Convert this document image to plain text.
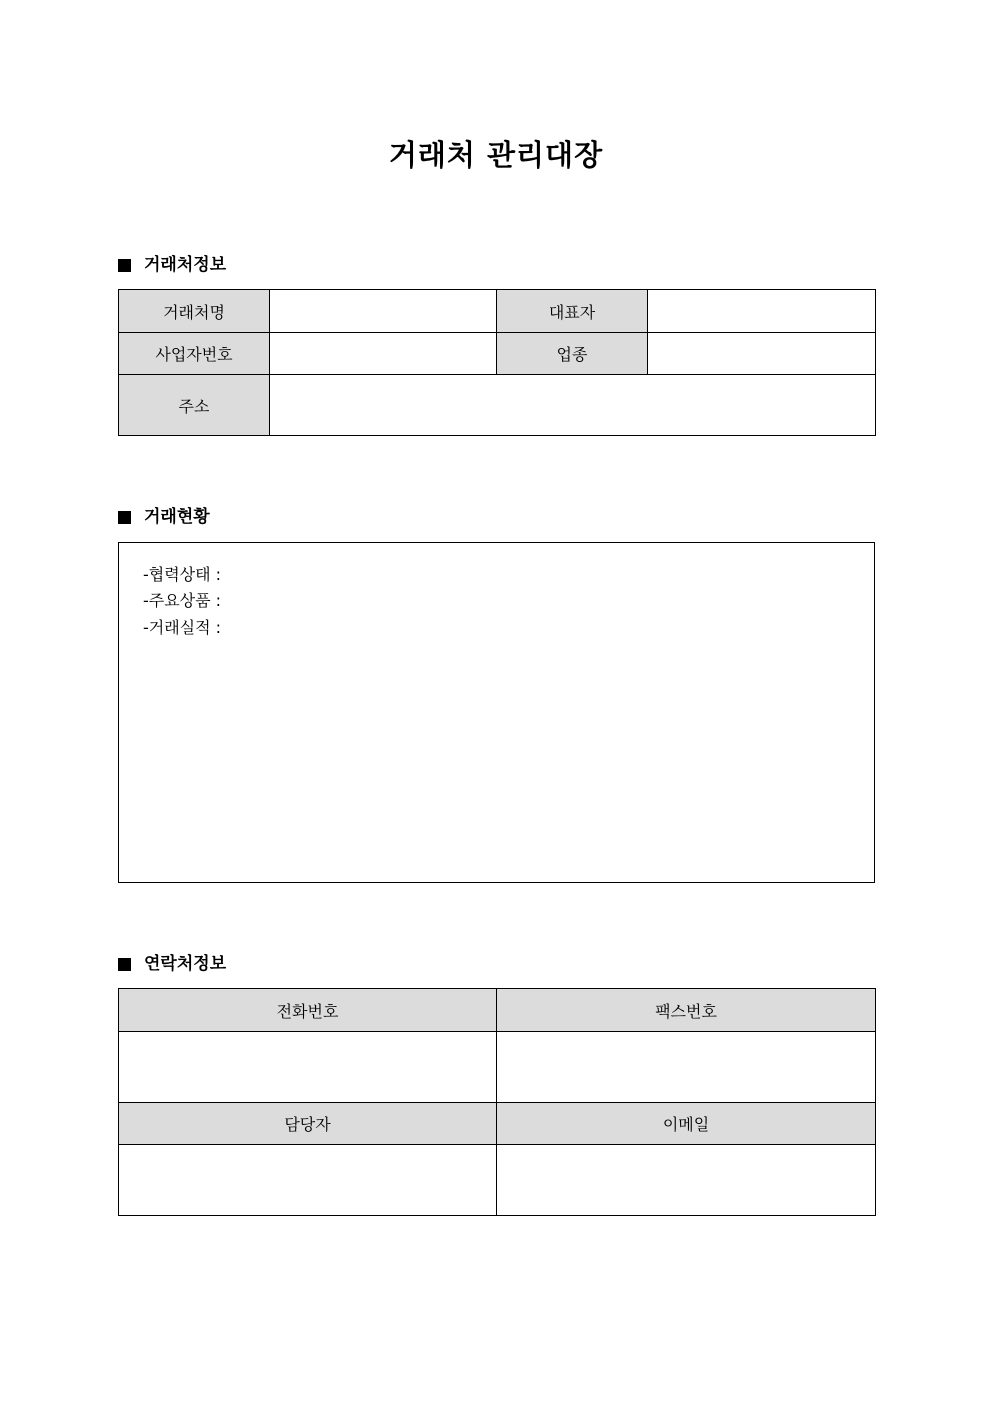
거래처 관리대장
거래처정보
거래처명		대표자	
사업자번호		업종	
주소			
거래현황
-협력상태 :
-주요상품 :
-거래실적 :
연락처정보
전화번호	팩스번호

담당자	이메일
